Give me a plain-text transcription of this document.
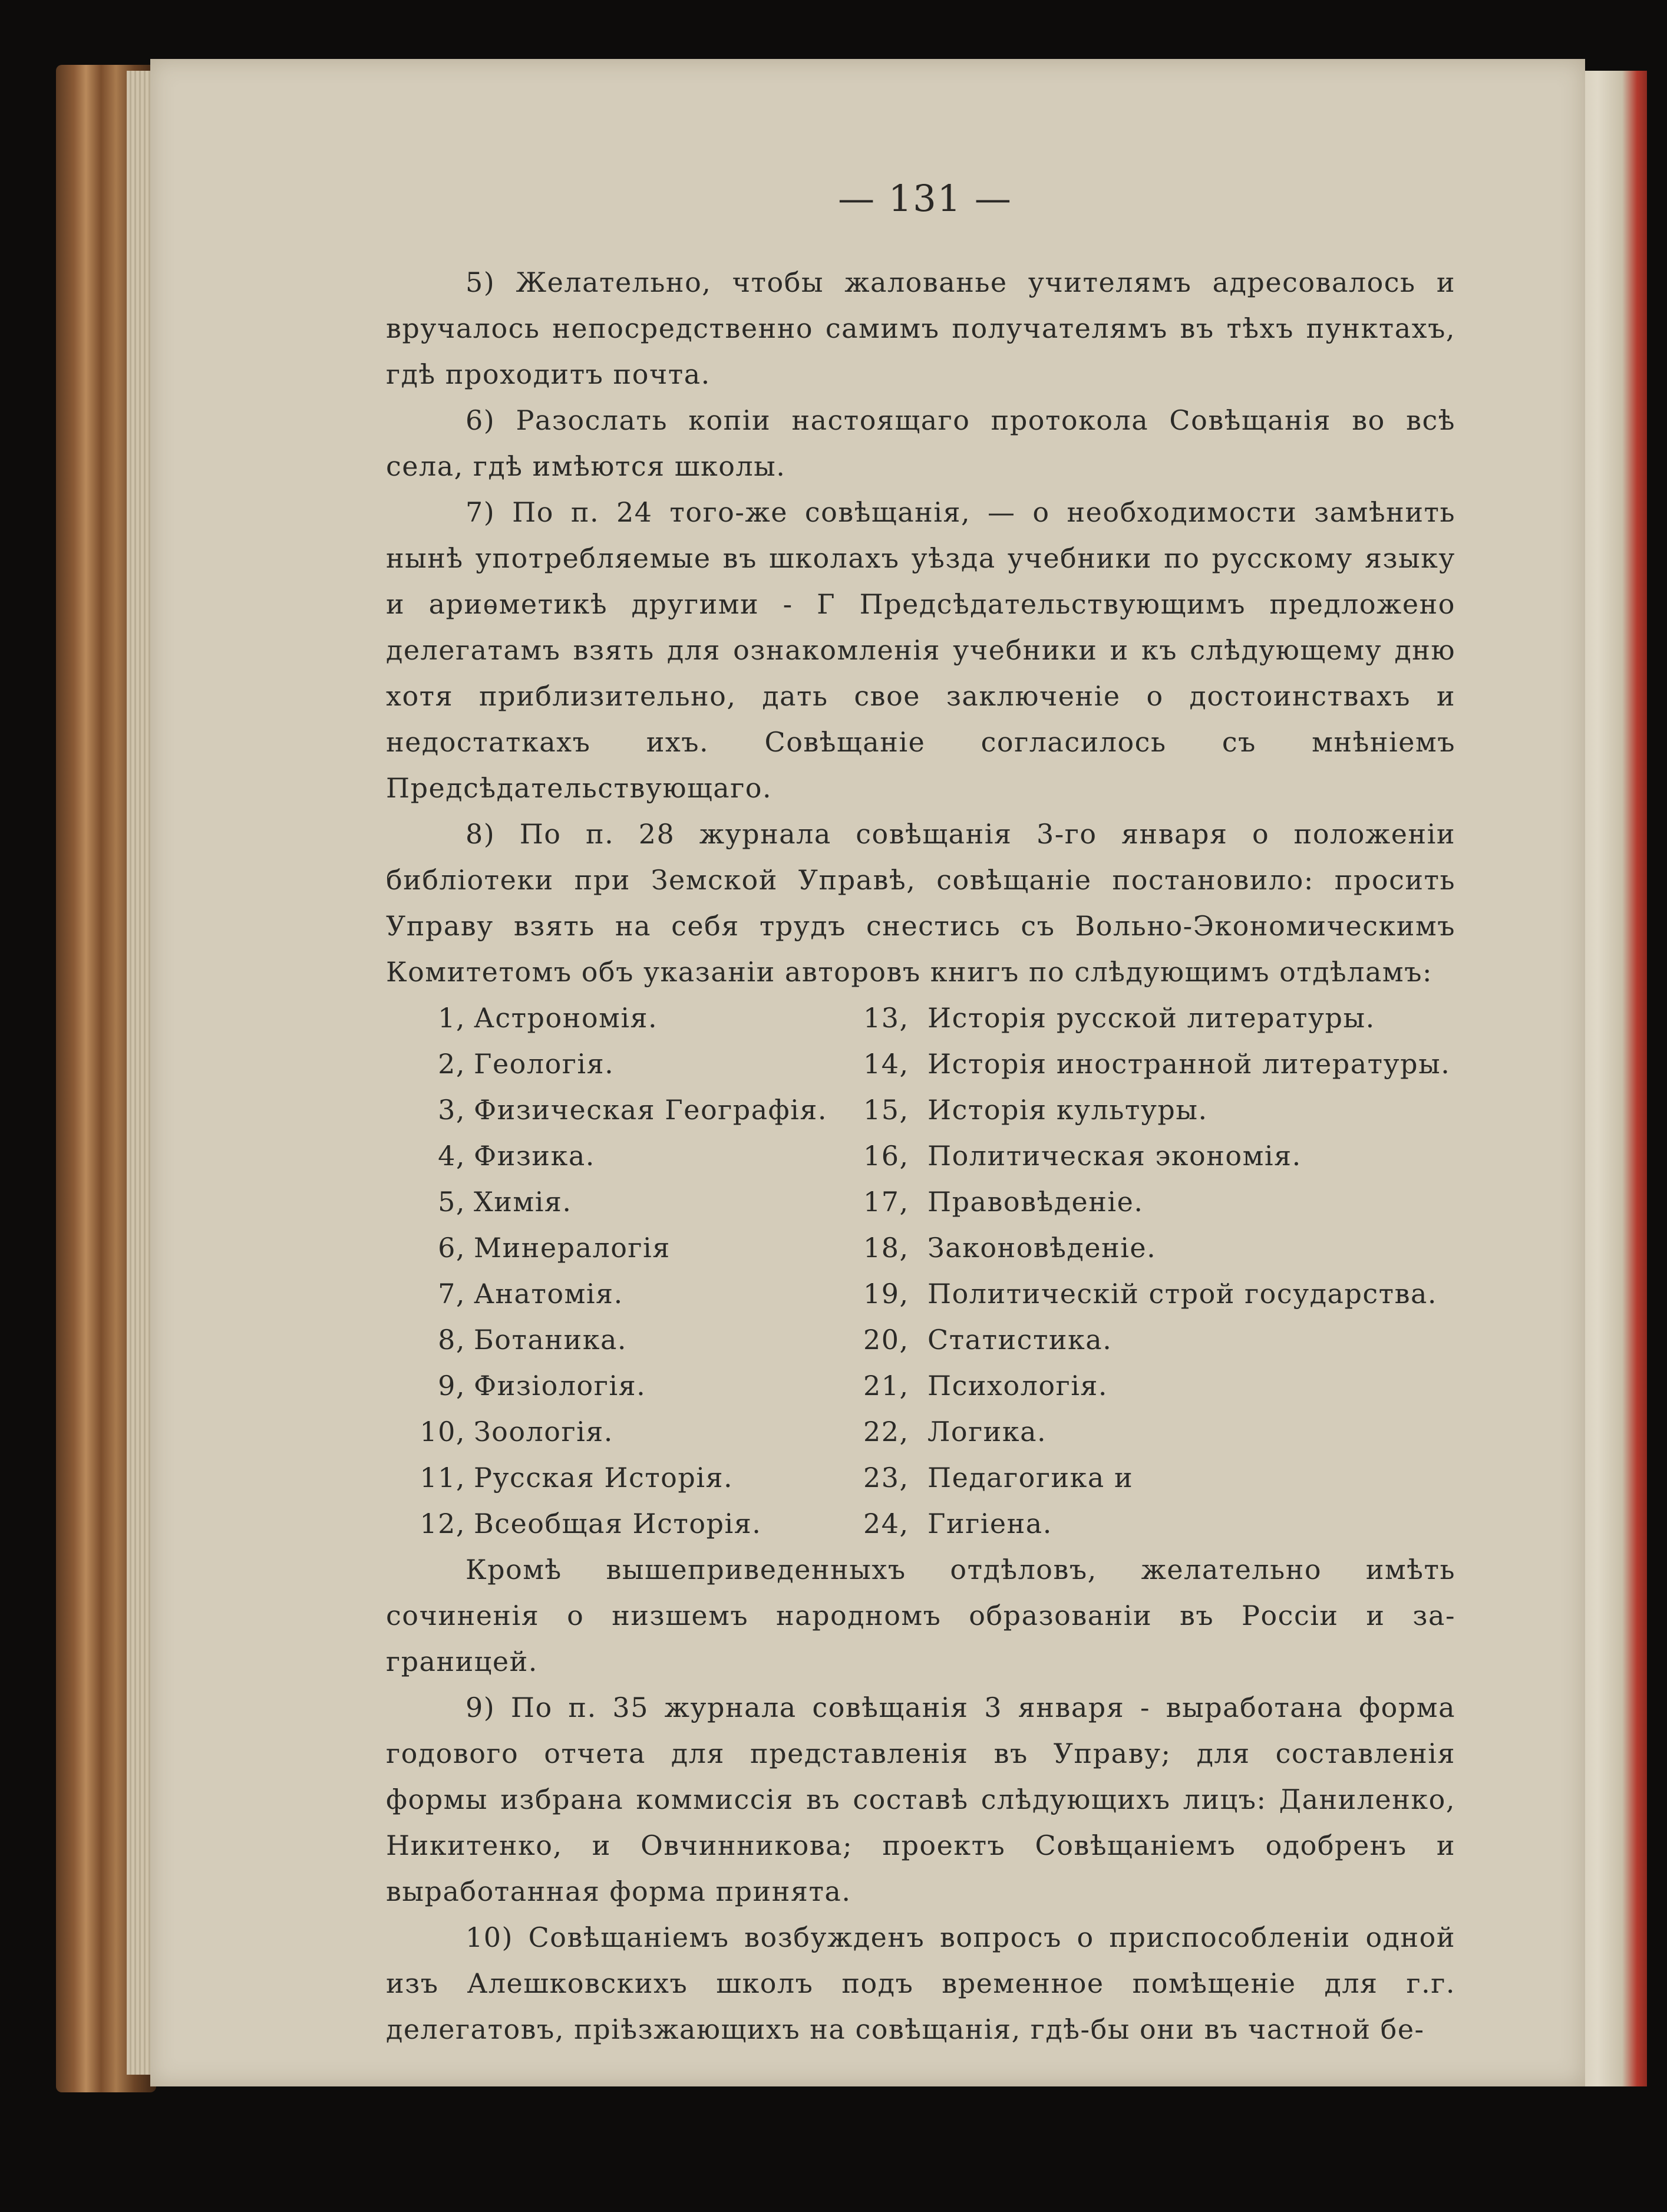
— 131 —

5) Желательно, чтобы жалованье учителямъ адресовалось и вручалось непосредственно самимъ получателямъ въ тѣхъ пунктахъ, гдѣ проходитъ почта.

6) Разослать копіи настоящаго протокола Совѣщанія во всѣ села, гдѣ имѣются школы.

7) По п. 24 того-же совѣщанія, — о необходимости замѣнить нынѣ употребляемые въ школахъ уѣзда учебники по русскому языку и ариѳметикѣ другими - Г Предсѣдательствующимъ предложено делегатамъ взять для ознакомленія учебники и къ слѣдующему дню хотя приблизительно, дать свое заключеніе о достоинствахъ и недостаткахъ ихъ. Совѣщаніе согласилось съ мнѣніемъ Предсѣдательствующаго.

8) По п. 28 журнала совѣщанія 3-го января о положеніи библіотеки при Земской Управѣ, совѣщаніе постановило: просить Управу взять на себя трудъ снестись съ Вольно-Экономическимъ Комитетомъ объ указаніи авторовъ книгъ по слѣдующимъ отдѣламъ:

1, Астрономія.	13, Исторія русской литературы.
2, Геологія.	14, Исторія иностранной литературы.
3, Физическая Географія. 15, Исторія культуры.
4, Физика.	16, Политическая экономія.
5, Химія.	17, Правовѣденіе.
6, Минералогія	18, Законовѣденіе.
7, Анатомія.	19, Политическій строй государства.
8, Ботаника.	20, Статистика.
9, Физіологія.	21, Психологія.
10, Зоологія.	22, Логика.
11, Русская Исторія.	23, Педагогика и
12, Всеобщая Исторія.	24, Гигіена.

Кромѣ вышеприведенныхъ отдѣловъ, желательно имѣть сочиненія о низшемъ народномъ образованіи въ Россіи и за-границей.

9) По п. 35 журнала совѣщанія 3 января - выработана форма годового отчета для представленія въ Управу; для составленія формы избрана коммиссія въ составѣ слѣдующихъ лицъ: Даниленко, Никитенко, и Овчинникова; проектъ Совѣщаніемъ одобренъ и выработанная форма принята.

10) Совѣщаніемъ возбужденъ вопросъ о приспособленіи одной изъ Алешковскихъ школъ подъ временное помѣщеніе для г.г. делегатовъ, пріѣзжающихъ на совѣщанія, гдѣ-бы они въ частной бе-
